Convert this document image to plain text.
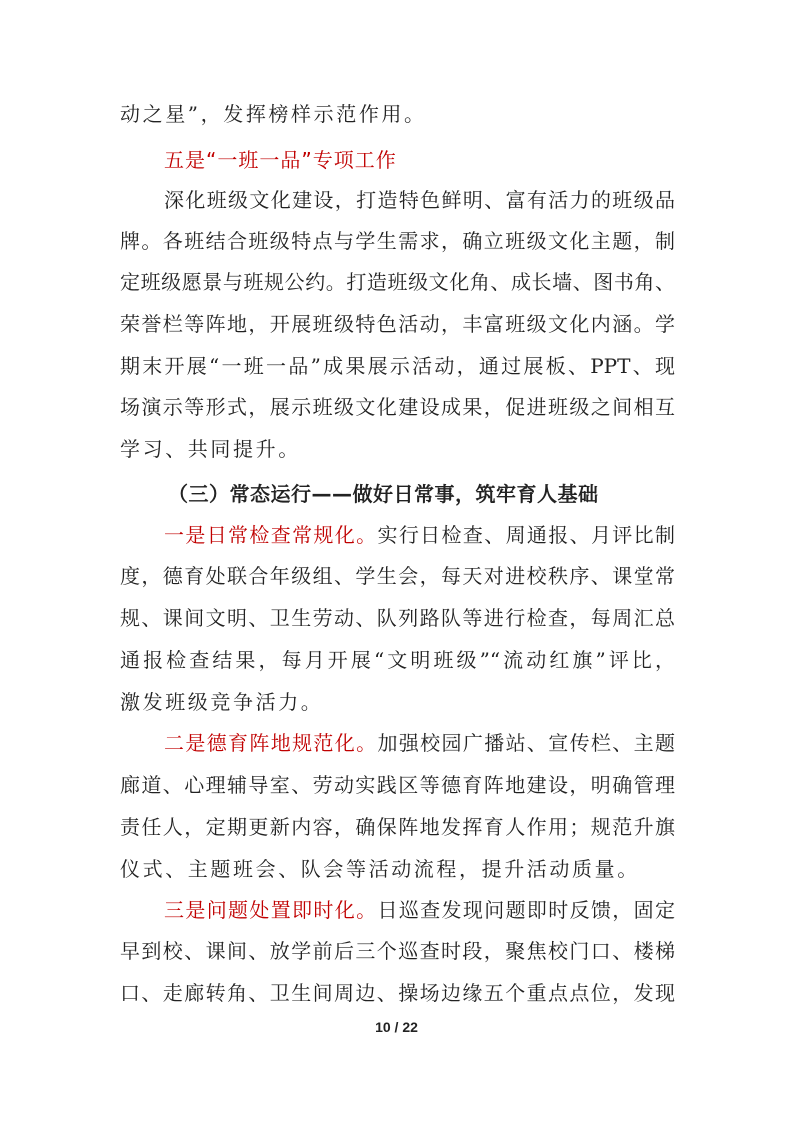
动之星”，发挥榜样示范作用。
五是“一班一品”专项工作
深化班级文化建设，打造特色鲜明、富有活力的班级品
牌。各班结合班级特点与学生需求，确立班级文化主题，制
定班级愿景与班规公约。打造班级文化角、成长墙、图书角、
荣誉栏等阵地，开展班级特色活动，丰富班级文化内涵。学
期末开展“一班一品”成果展示活动，通过展板、PPT、现
场演示等形式，展示班级文化建设成果，促进班级之间相互
学习、共同提升。
（三）常态运行——做好日常事，筑牢育人基础
一是日常检查常规化。实行日检查、周通报、月评比制
度，德育处联合年级组、学生会，每天对进校秩序、课堂常
规、课间文明、卫生劳动、队列路队等进行检查，每周汇总
通报检查结果，每月开展“文明班级”“流动红旗”评比，
激发班级竞争活力。
二是德育阵地规范化。加强校园广播站、宣传栏、主题
廊道、心理辅导室、劳动实践区等德育阵地建设，明确管理
责任人，定期更新内容，确保阵地发挥育人作用；规范升旗
仪式、主题班会、队会等活动流程，提升活动质量。
三是问题处置即时化。日巡查发现问题即时反馈，固定
早到校、课间、放学前后三个巡查时段，聚焦校门口、楼梯
口、走廊转角、卫生间周边、操场边缘五个重点点位，发现
10 / 22
